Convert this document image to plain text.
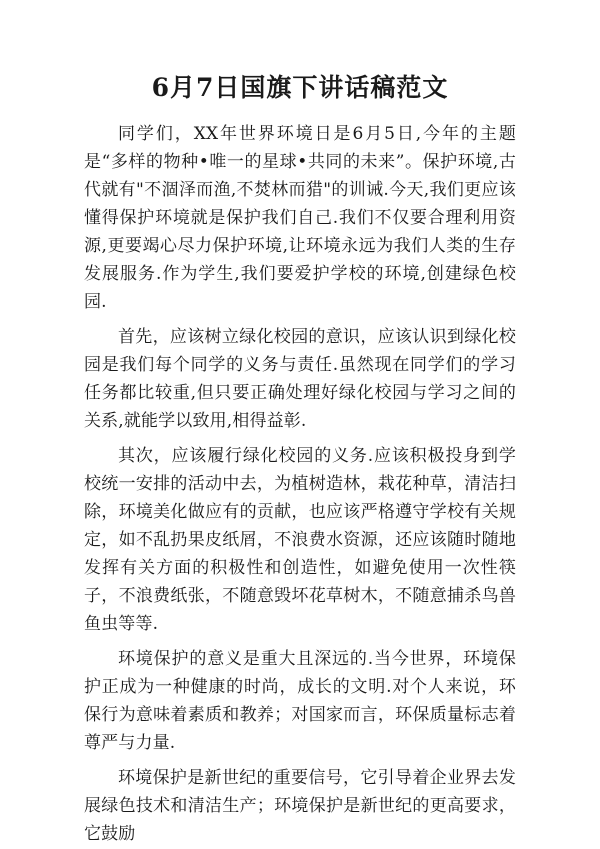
6月7日国旗下讲话稿范文

同学们，XX年世界环境日是6月5日,今年的主题是“多样的物种•唯一的星球•共同的未来”。保护环境,古代就有"不涸泽而渔,不焚林而猎"的训诫.今天,我们更应该懂得保护环境就是保护我们自己.我们不仅要合理利用资源,更要竭心尽力保护环境,让环境永远为我们人类的生存发展服务.作为学生,我们要爱护学校的环境,创建绿色校园.

首先，应该树立绿化校园的意识，应该认识到绿化校园是我们每个同学的义务与责任.虽然现在同学们的学习任务都比较重,但只要正确处理好绿化校园与学习之间的关系,就能学以致用,相得益彰.

其次，应该履行绿化校园的义务.应该积极投身到学校统一安排的活动中去，为植树造林，栽花种草，清洁扫除，环境美化做应有的贡献，也应该严格遵守学校有关规定，如不乱扔果皮纸屑，不浪费水资源，还应该随时随地发挥有关方面的积极性和创造性，如避免使用一次性筷子，不浪费纸张，不随意毁坏花草树木，不随意捕杀鸟兽鱼虫等等.

环境保护的意义是重大且深远的.当今世界，环境保护正成为一种健康的时尚，成长的文明.对个人来说，环保行为意味着素质和教养；对国家而言，环保质量标志着尊严与力量.

环境保护是新世纪的重要信号，它引导着企业界去发展绿色技术和清洁生产；环境保护是新世纪的更高要求，它鼓励
